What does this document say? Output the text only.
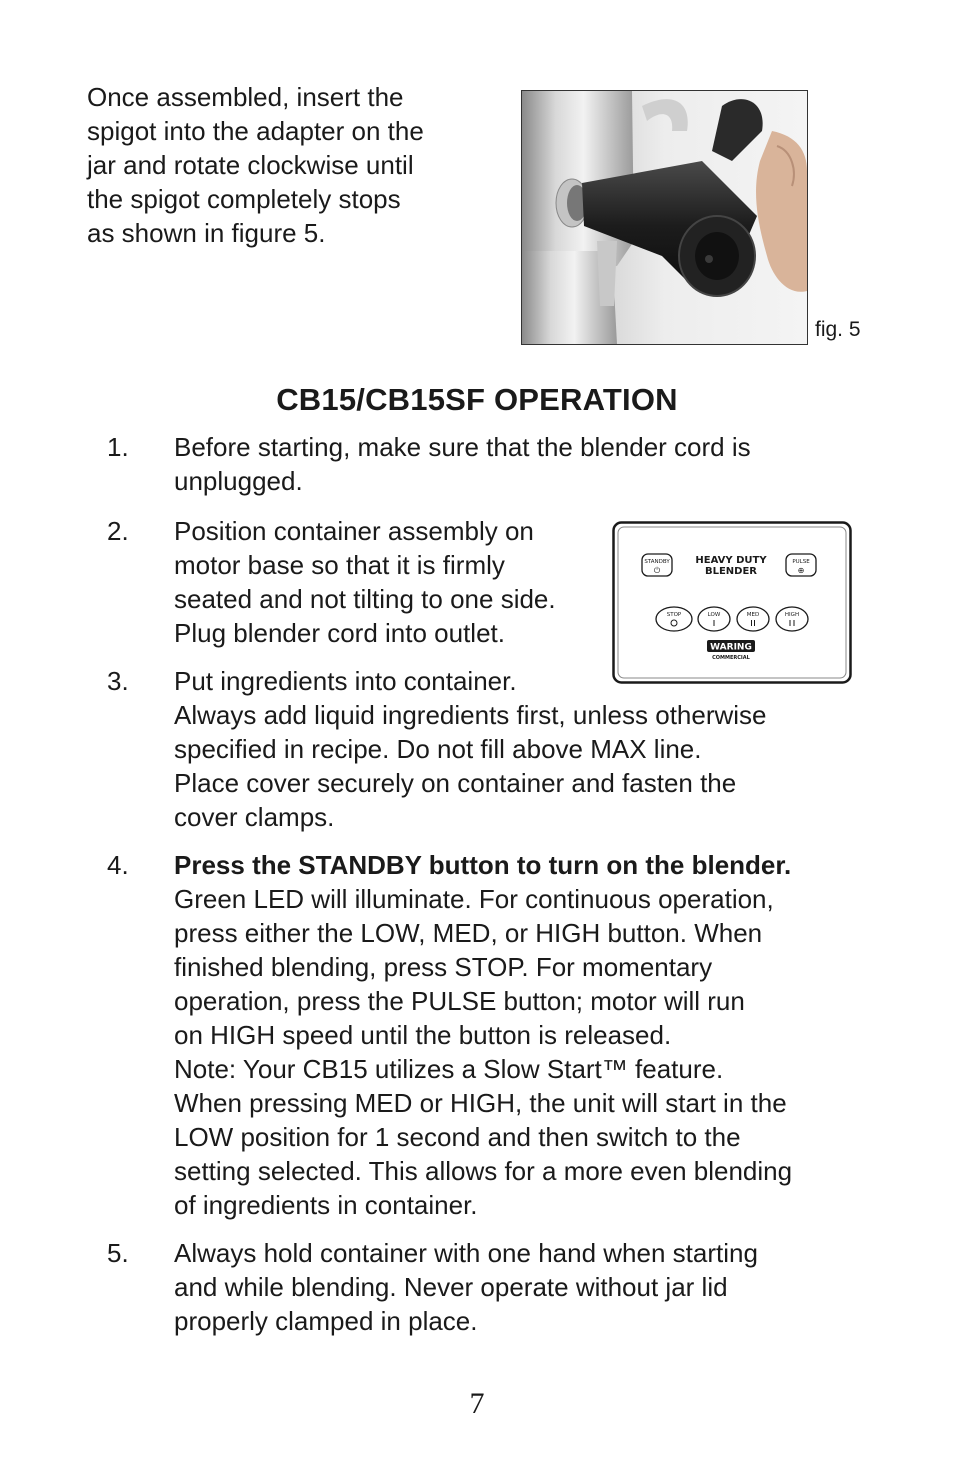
Once assembled, insert the
spigot into the adapter on the
jar and rotate clockwise until
the spigot completely stops
as shown in figure 5.

fig. 5
CB15/CB15SF OPERATION
1. Before starting, make sure that the blender cord is

unplugged.

2. Position container assembly on

motor base so that it is firmly

seated and not tilting to one side.

Plug blender cord into outlet.

STANDBY
⏻
HEAVY DUTY
BLENDER
PULSE
⊕
STOP	LOW	MED	HIGH
WARING
COMMERCIAL
3. Put ingredients into container.

Always add liquid ingredients first, unless otherwise

specified in recipe. Do not fill above MAX line.

Place cover securely on container and fasten the

cover clamps.

4. Press the STANDBY button to turn on the blender.

Green LED will illuminate. For continuous operation,

press either the LOW, MED, or HIGH button. When

finished blending, press STOP. For momentary

operation, press the PULSE button; motor will run

on HIGH speed until the button is released.

Note: Your CB15 utilizes a Slow Start™ feature.

When pressing MED or HIGH, the unit will start in the

LOW position for 1 second and then switch to the

setting selected. This allows for a more even blending

of ingredients in container.

5. Always hold container with one hand when starting

and while blending. Never operate without jar lid

properly clamped in place.

7
